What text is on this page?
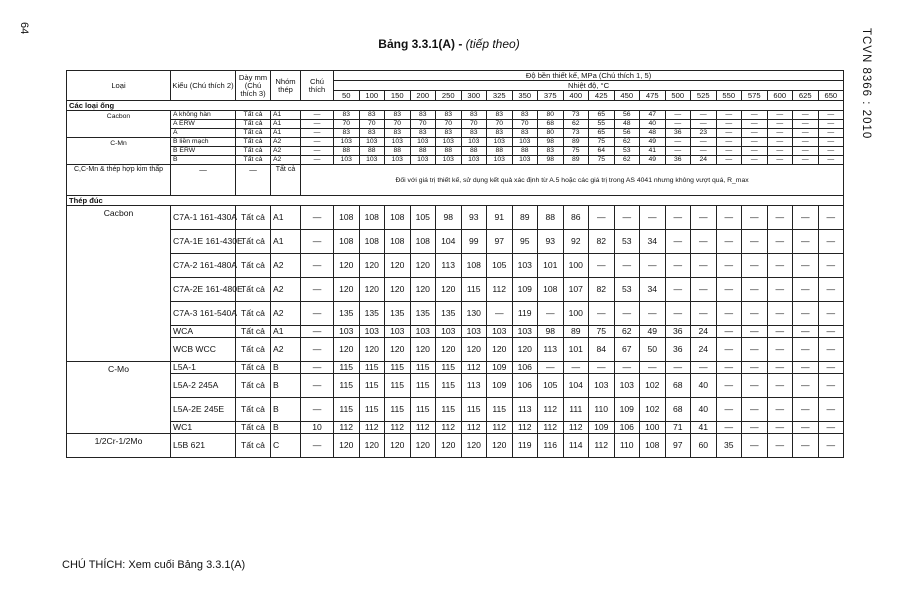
64	TCVN 8366 : 2010
Bảng 3.3.1(A) - (tiếp theo)
Loại	Kiểu (Chú thích 2)	Dày mm (Chú thích 3)	Nhóm thép	Chú thích	Độ bền thiết kế, MPa (Chú thích 1, 5)																			
					Nhiệt độ, °C																			
					50	100	150	200	250	300	325	350	375	400	425	450	475	500	525	550	575	600	625	650
Các loại ống																								
Cacbon	A không hàn	Tất cả	A1	—	83	83	83	83	83	83	83	83	80	73	65	56	47	—	—	—	—	—	—	—
	A ERW	Tất cả	A1	—	70	70	70	70	70	70	70	70	68	62	55	48	40	—	—	—	—	—	—	—
	A	Tất cả	A1	—	83	83	83	83	83	83	83	83	80	73	65	56	48	36	23	—	—	—	—	—
C-Mn	B liền mạch	Tất cả	A2	—	103	103	103	103	103	103	103	103	98	89	75	62	49	—	—	—	—	—	—	—
	B ERW	Tất cả	A2	—	88	88	88	88	88	88	88	88	83	75	64	53	41	—	—	—	—	—	—	—
	B	Tất cả	A2	—	103	103	103	103	103	103	103	103	98	89	75	62	49	36	24	—	—	—	—	—
C,C-Mn & thép hợp kim thấp	—	—	Tất cả	Đối với giá trị thiết kế, sử dụng kết quả xác định từ A.5 hoặc các giá trị trong AS 4041 nhưng không vượt quá, R_max																				
Thép đúc																								
Cacbon	C7A-1 161-430A	Tất cả	A1	—	108	108	108	105	98	93	91	89	88	86	—	—	—	—	—	—	—	—	—	—
	C7A-1E 161-430E	Tất cả	A1	—	108	108	108	108	104	99	97	95	93	92	82	53	34	—	—	—	—	—	—	—
	C7A-2 161-480A	Tất cả	A2	—	120	120	120	120	113	108	105	103	101	100	—	—	—	—	—	—	—	—	—	—
	C7A-2E 161-480E	Tất cả	A2	—	120	120	120	120	120	115	112	109	108	107	82	53	34	—	—	—	—	—	—	—
	C7A-3 161-540A	Tất cả	A2	—	135	135	135	135	135	130	—	119	—	100	—	—	—	—	—	—	—	—	—	—
	WCA	Tất cả	A1	—	103	103	103	103	103	103	103	103	98	89	75	62	49	36	24	—	—	—	—	—
	WCB WCC	Tất cả	A2	—	120	120	120	120	120	120	120	120	113	101	84	67	50	36	24	—	—	—	—	—
C-Mo	L5A-1	Tất cả	B	—	115	115	115	115	115	112	109	106	—	—	—	—	—	—	—	—	—	—	—	—
	L5A-2 245A	Tất cả	B	—	115	115	115	115	115	113	109	106	105	104	103	103	102	68	40	—	—	—	—	—
	L5A-2E 245E	Tất cả	B	—	115	115	115	115	115	115	115	113	112	111	110	109	102	68	40	—	—	—	—	—
	WC1	Tất cả	B	10	112	112	112	112	112	112	112	112	112	112	109	106	100	71	41	—	—	—	—	—
1/2Cr-1/2Mo	L5B 621	Tất cả	C	—	120	120	120	120	120	120	120	119	116	114	112	110	108	97	60	35	—	—	—	—
CHÚ THÍCH: Xem cuối Bảng 3.3.1(A)
